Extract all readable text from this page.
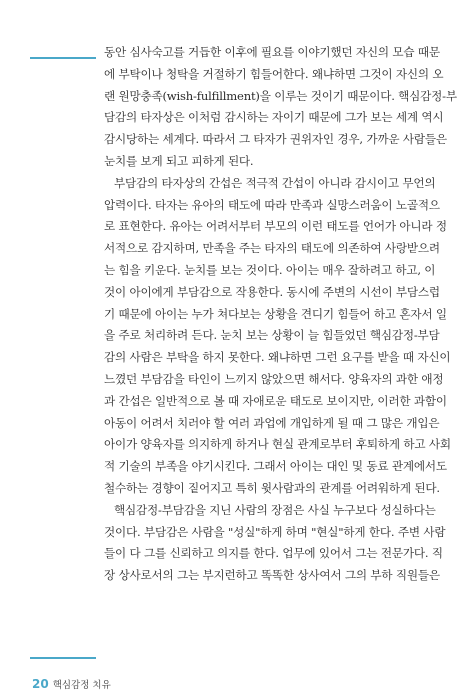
동안 심사숙고를 거듭한 이후에 필요를 이야기했던 자신의 모습 때문
에 부탁이나 청탁을 거절하기 힘들어한다. 왜냐하면 그것이 자신의 오
랜 원망충족(wish-fulfillment)을 이루는 것이기 때문이다. 핵심감정-부
담감의 타자상은 이처럼 감시하는 자이기 때문에 그가 보는 세계 역시
감시당하는 세계다. 따라서 그 타자가 권위자인 경우, 가까운 사람들은
눈치를 보게 되고 피하게 된다.
부담감의 타자상의 간섭은 적극적 간섭이 아니라 감시이고 무언의
압력이다. 타자는 유아의 태도에 따라 만족과 실망스러움이 노골적으
로 표현한다. 유아는 어려서부터 부모의 이런 태도를 언어가 아니라 정
서적으로 감지하며, 만족을 주는 타자의 태도에 의존하여 사랑받으려
는 힘을 키운다. 눈치를 보는 것이다. 아이는 매우 잘하려고 하고, 이
것이 아이에게 부담감으로 작용한다. 동시에 주변의 시선이 부담스럽
기 때문에 아이는 누가 쳐다보는 상황을 견디기 힘들어 하고 혼자서 일
을 주로 처리하려 든다. 눈치 보는 상황이 늘 힘들었던 핵심감정-부담
감의 사람은 부탁을 하지 못한다. 왜냐하면 그런 요구를 받을 때 자신이
느꼈던 부담감을 타인이 느끼지 않았으면 해서다. 양육자의 과한 애정
과 간섭은 일반적으로 볼 때 자애로운 태도로 보이지만, 이러한 과함이
아동이 어려서 치러야 할 여러 과업에 개입하게 될 때 그 많은 개입은
아이가 양육자를 의지하게 하거나 현실 관계로부터 후퇴하게 하고 사회
적 기술의 부족을 야기시킨다. 그래서 아이는 대인 및 동료 관계에서도
철수하는 경향이 짙어지고 특히 윗사람과의 관계를 어려워하게 된다.
핵심감정-부담감을 지닌 사람의 장점은 사실 누구보다 성실하다는
것이다. 부담감은 사람을 "성실"하게 하며 "현실"하게 한다. 주변 사람
들이 다 그를 신뢰하고 의지를 한다. 업무에 있어서 그는 전문가다. 직
장 상사로서의 그는 부지런하고 똑똑한 상사여서 그의 부하 직원들은
20 핵심감정 치유
